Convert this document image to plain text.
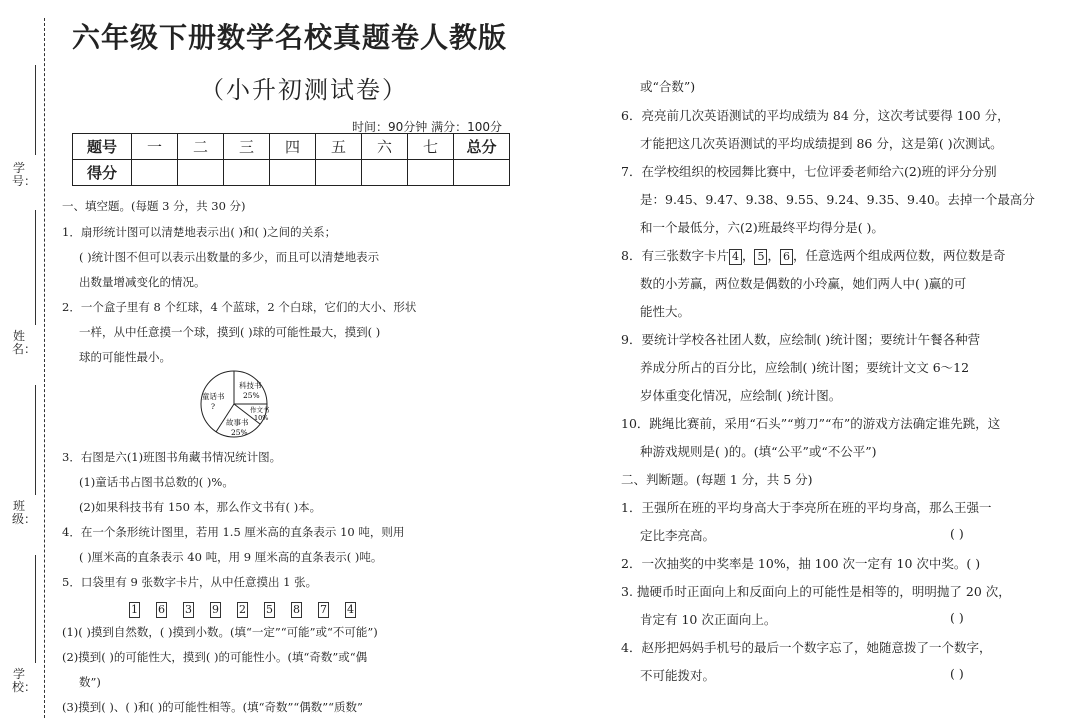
学号：
姓名：
班级：
学校：
六年级下册数学名校真题卷人教版
（小升初测试卷）
时间：90分钟 满分：100分
题号	一	二	三	四	五	六	七	总分
得分								
一、填空题。(每题 3 分，共 30 分)
1．扇形统计图可以清楚地表示出( )和( )之间的关系；
( )统计图不但可以表示出数量的多少，而且可以清楚地表示
出数量增减变化的情况。
2．一个盒子里有 8 个红球，4 个蓝球，2 个白球，它们的大小、形状
一样，从中任意摸一个球，摸到( )球的可能性最大，摸到( )
球的可能性最小。
童话书
?
科技书
25%
作文书
10%
故事书
25%
3．右图是六(1)班图书角藏书情况统计图。
(1)童话书占图书总数的( )%。
(2)如果科技书有 150 本，那么作文书有( )本。
4．在一个条形统计图里，若用 1.5 厘米高的直条表示 10 吨，则用
( )厘米高的直条表示 40 吨，用 9 厘米高的直条表示( )吨。
5．口袋里有 9 张数字卡片，从中任意摸出 1 张。
1 6 3 9 2 5 8 7 4
(1)( )摸到自然数，( )摸到小数。(填“一定”“可能”或“不可能”)
(2)摸到( )的可能性大，摸到( )的可能性小。(填“奇数”或“偶
数”)
(3)摸到( )、( )和( )的可能性相等。(填“奇数”“偶数”“质数”
或“合数”)
6．亮亮前几次英语测试的平均成绩为 84 分，这次考试要得 100 分，
才能把这几次英语测试的平均成绩提到 86 分，这是第( )次测试。
7．在学校组织的校园舞比赛中，七位评委老师给六(2)班的评分分别
是：9.45、9.47、9.38、9.55、9.24、9.35、9.40。去掉一个最高分
和一个最低分，六(2)班最终平均得分是( )。
8．有三张数字卡片 4 ， 5 ， 6 ，任意选两个组成两位数，两位数是奇
数的小芳赢，两位数是偶数的小玲赢，她们两人中( )赢的可
能性大。
9．要统计学校各社团人数，应绘制( )统计图；要统计午餐各种营
养成分所占的百分比，应绘制( )统计图；要统计文文 6～12
岁体重变化情况，应绘制( )统计图。
10．跳绳比赛前，采用“石头”“剪刀”“布”的游戏方法确定谁先跳，这
种游戏规则是( )的。(填“公平”或“不公平”)
二、判断题。(每题 1 分，共 5 分)
1．王强所在班的平均身高大于李亮所在班的平均身高，那么王强一
定比李亮高。	( )
2．一次抽奖的中奖率是 10%，抽 100 次一定有 10 次中奖。( )
3. 抛硬币时正面向上和反面向上的可能性是相等的，明明抛了 20 次，
肯定有 10 次正面向上。	( )
4．赵彤把妈妈手机号的最后一个数字忘了，她随意拨了一个数字，
不可能拨对。	( )
